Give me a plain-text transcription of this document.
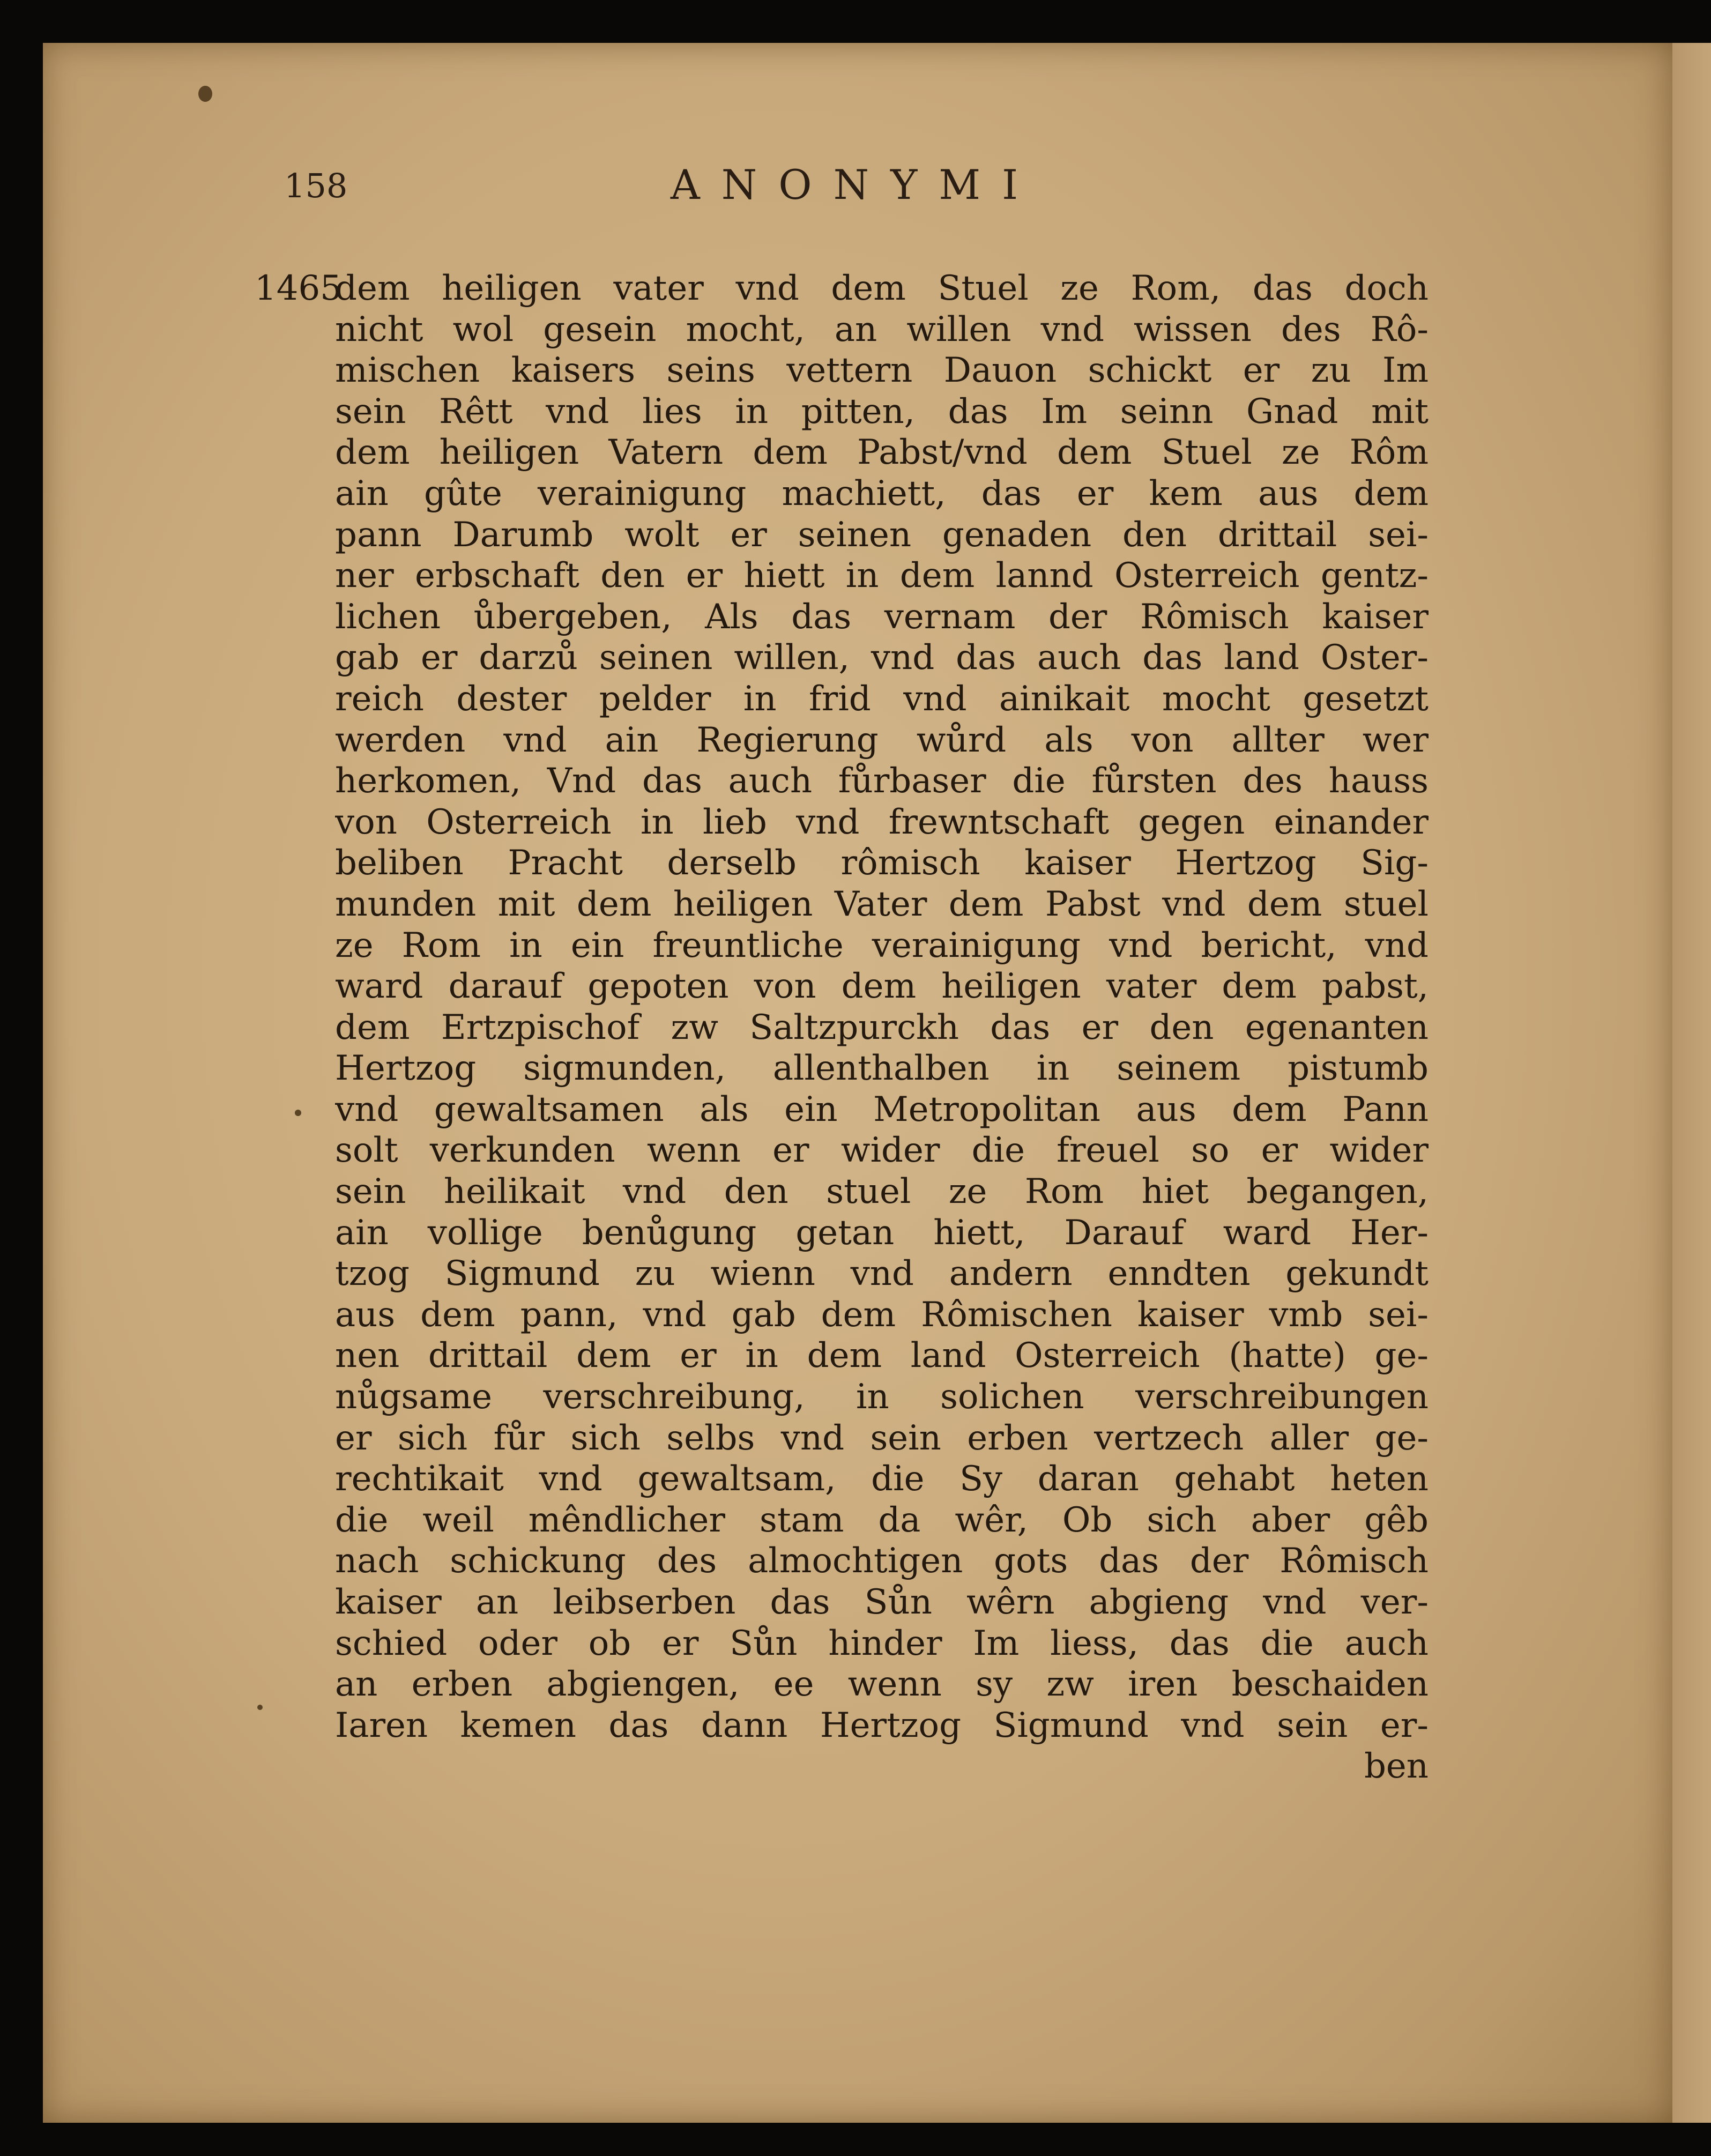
158	ANONYMI
1465
dem heiligen vater vnd dem Stuel ze Rom, das doch
nicht wol gesein mocht, an willen vnd wissen des Rô-
mischen kaisers seins vettern Dauon schickt er zu Im
sein Rêtt vnd lies in pitten, das Im seinn Gnad mit
dem heiligen Vatern dem Pabst/vnd dem Stuel ze Rôm
ain gûte verainigung machiett, das er kem aus dem
pann Darumb wolt er seinen genaden den drittail sei-
ner erbschaft den er hiett in dem lannd Osterreich gentz-
lichen ůbergeben, Als das vernam der Rômisch kaiser
gab er darzů seinen willen, vnd das auch das land Oster-
reich dester pelder in frid vnd ainikait mocht gesetzt
werden vnd ain Regierung wůrd als von allter wer
herkomen, Vnd das auch fůrbaser die fůrsten des hauss
von Osterreich in lieb vnd frewntschaft gegen einander
beliben Pracht derselb rômisch kaiser Hertzog Sig-
munden mit dem heiligen Vater dem Pabst vnd dem stuel
ze Rom in ein freuntliche verainigung vnd bericht, vnd
ward darauf gepoten von dem heiligen vater dem pabst,
dem Ertzpischof zw Saltzpurckh das er den egenanten
Hertzog sigmunden, allenthalben in seinem pistumb
vnd gewaltsamen als ein Metropolitan aus dem Pann
solt verkunden wenn er wider die freuel so er wider
sein heilikait vnd den stuel ze Rom hiet begangen,
ain vollige benůgung getan hiett, Darauf ward Her-
tzog Sigmund zu wienn vnd andern enndten gekundt
aus dem pann, vnd gab dem Rômischen kaiser vmb sei-
nen drittail dem er in dem land Osterreich (hatte) ge-
nůgsame verschreibung, in solichen verschreibungen
er sich fůr sich selbs vnd sein erben vertzech aller ge-
rechtikait vnd gewaltsam, die Sy daran gehabt heten
die weil mêndlicher stam da wêr, Ob sich aber gêb
nach schickung des almochtigen gots das der Rômisch
kaiser an leibserben das Sůn wêrn abgieng vnd ver-
schied oder ob er Sůn hinder Im liess, das die auch
an erben abgiengen, ee wenn sy zw iren beschaiden
Iaren kemen das dann Hertzog Sigmund vnd sein er-
ben
